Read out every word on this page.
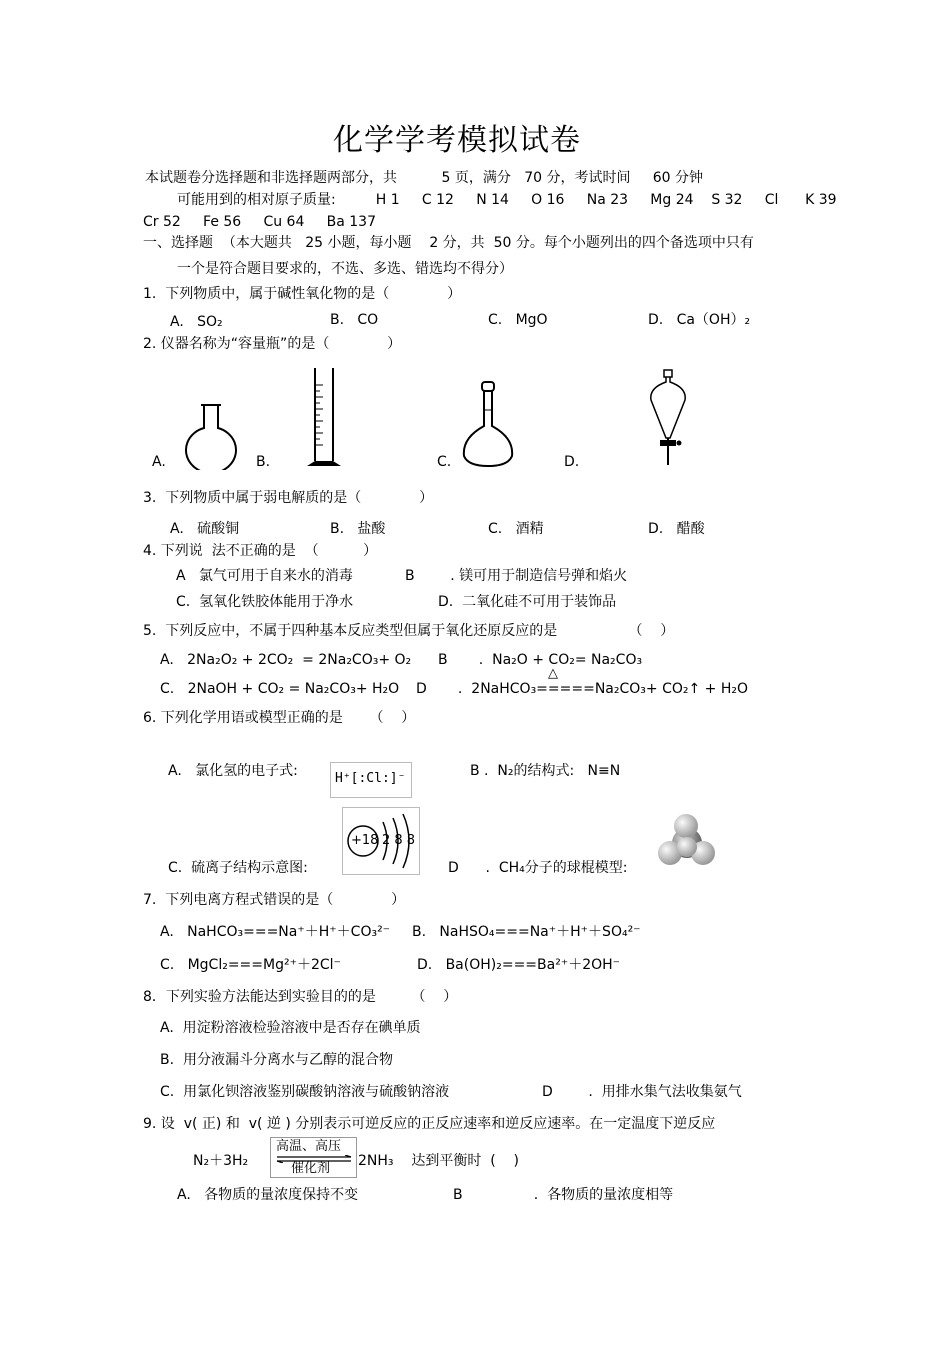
化学学考模拟试卷
本试题卷分选择题和非选择题两部分，共          5 页，满分   70 分，考试时间     60 分钟
可能用到的相对原子质量:         H 1     C 12     N 14     O 16     Na 23     Mg 24    S 32     Cl      K 39
Cr 52     Fe 56     Cu 64     Ba 137
一、选择题  （本大题共   25 小题，每小题    2 分，共  50 分。每个小题列出的四个备选项中只有
一个是符合题目要求的，不选、多选、错选均不得分）
1.  下列物质中，属于碱性氧化物的是（             ）
A.   SO₂	B.   CO	C.   MgO	D.   Ca（OH）₂
2. 仪器名称为“容量瓶”的是（             ）
A.	B.	C.	D.
3.  下列物质中属于弱电解质的是（             ）
A.   硫酸铜	B.   盐酸	C.   酒精	D.   醋酸
4. 下列说  法不正确的是  （          ）
A   氯气可用于自来水的消毒	B        . 镁可用于制造信号弹和焰火
C.  氢氧化铁胶体能用于净水	D.  二氧化硅不可用于装饰品
5.  下列反应中，不属于四种基本反应类型但属于氧化还原反应的是                （    ）
A.   2Na₂O₂ + 2CO₂  = 2Na₂CO₃+ O₂ B       .  Na₂O + CO₂= Na₂CO₃
C.   2NaOH + CO₂ = Na₂CO₃+ H₂O
△
D       .  2NaHCO₃=====Na₂CO₃+ CO₂↑ + H₂O
6. 下列化学用语或模型正确的是      （    ）
A.   氯化氢的电子式:	H⁺[:Cl:]⁻	B .  N₂的结构式:   N≡N
+18 2 8 8
C.  硫离子结构示意图:	D      .  CH₄分子的球棍模型:
7.  下列电离方程式错误的是（             ）
A.   NaHCO₃===Na⁺＋H⁺＋CO₃²⁻ B.   NaHSO₄===Na⁺＋H⁺＋SO₄²⁻
C.   MgCl₂===Mg²⁺＋2Cl⁻	D.   Ba(OH)₂===Ba²⁺＋2OH⁻
8．下列实验方法能达到实验目的的是        （    ）
A.  用淀粉溶液检验溶液中是否存在碘单质
B.  用分液漏斗分离水与乙醇的混合物
C.  用氯化钡溶液鉴别碳酸钠溶液与硫酸钠溶液	D        .  用排水集气法收集氨气
9. 设  v( 正) 和  v( 逆 ) 分别表示可逆反应的正反应速率和逆反应速率。在一定温度下逆反应
N₂＋3H₂
高温、高压
催化剂 2NH₃    达到平衡时  (    )
A.   各物质的量浓度保持不变	B                .  各物质的量浓度相等
